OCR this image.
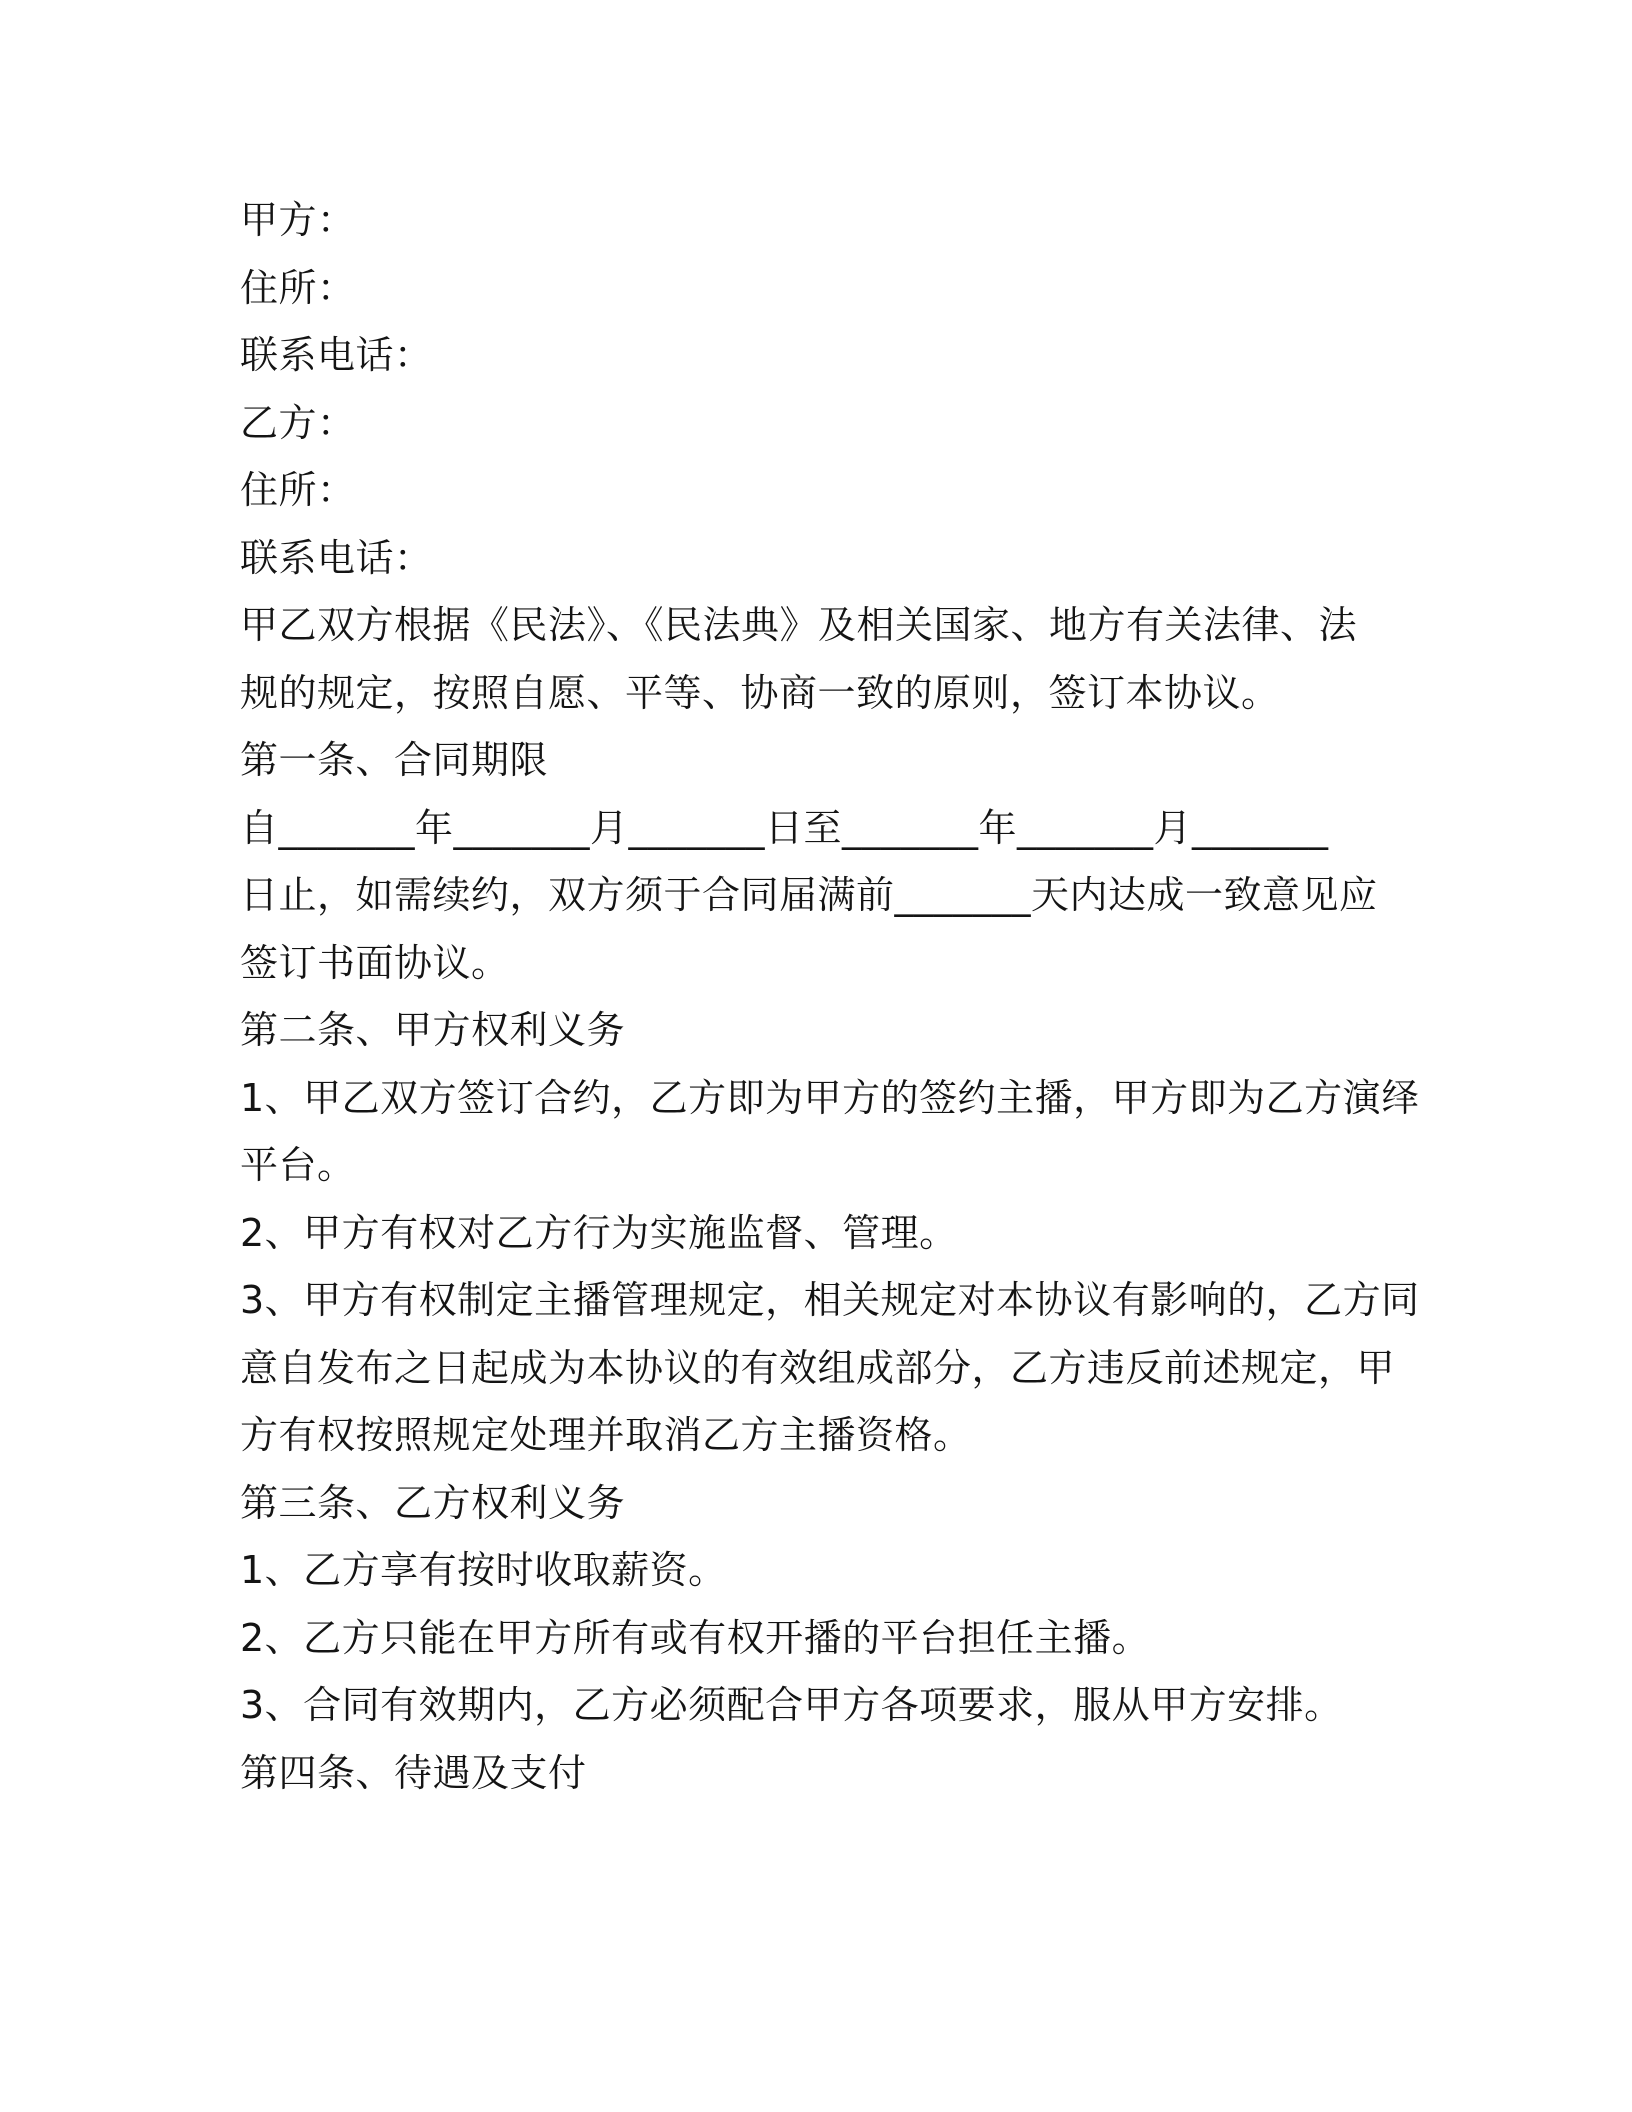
甲方：
住所：
联系电话：
乙方：
住所：
联系电话：
甲乙双方根据《民法》、《民法典》及相关国家、地方有关法律、法
规的规定，按照自愿、平等、协商一致的原则，签订本协议。
第一条、合同期限
自_______年_______月_______日至_______年_______月_______
日止，如需续约，双方须于合同届满前_______天内达成一致意见应
签订书面协议。
第二条、甲方权利义务
1、甲乙双方签订合约，乙方即为甲方的签约主播，甲方即为乙方演绎
平台。
2、甲方有权对乙方行为实施监督、管理。
3、甲方有权制定主播管理规定，相关规定对本协议有影响的，乙方同
意自发布之日起成为本协议的有效组成部分，乙方违反前述规定，甲
方有权按照规定处理并取消乙方主播资格。
第三条、乙方权利义务
1、乙方享有按时收取薪资。
2、乙方只能在甲方所有或有权开播的平台担任主播。
3、合同有效期内，乙方必须配合甲方各项要求，服从甲方安排。
第四条、待遇及支付
